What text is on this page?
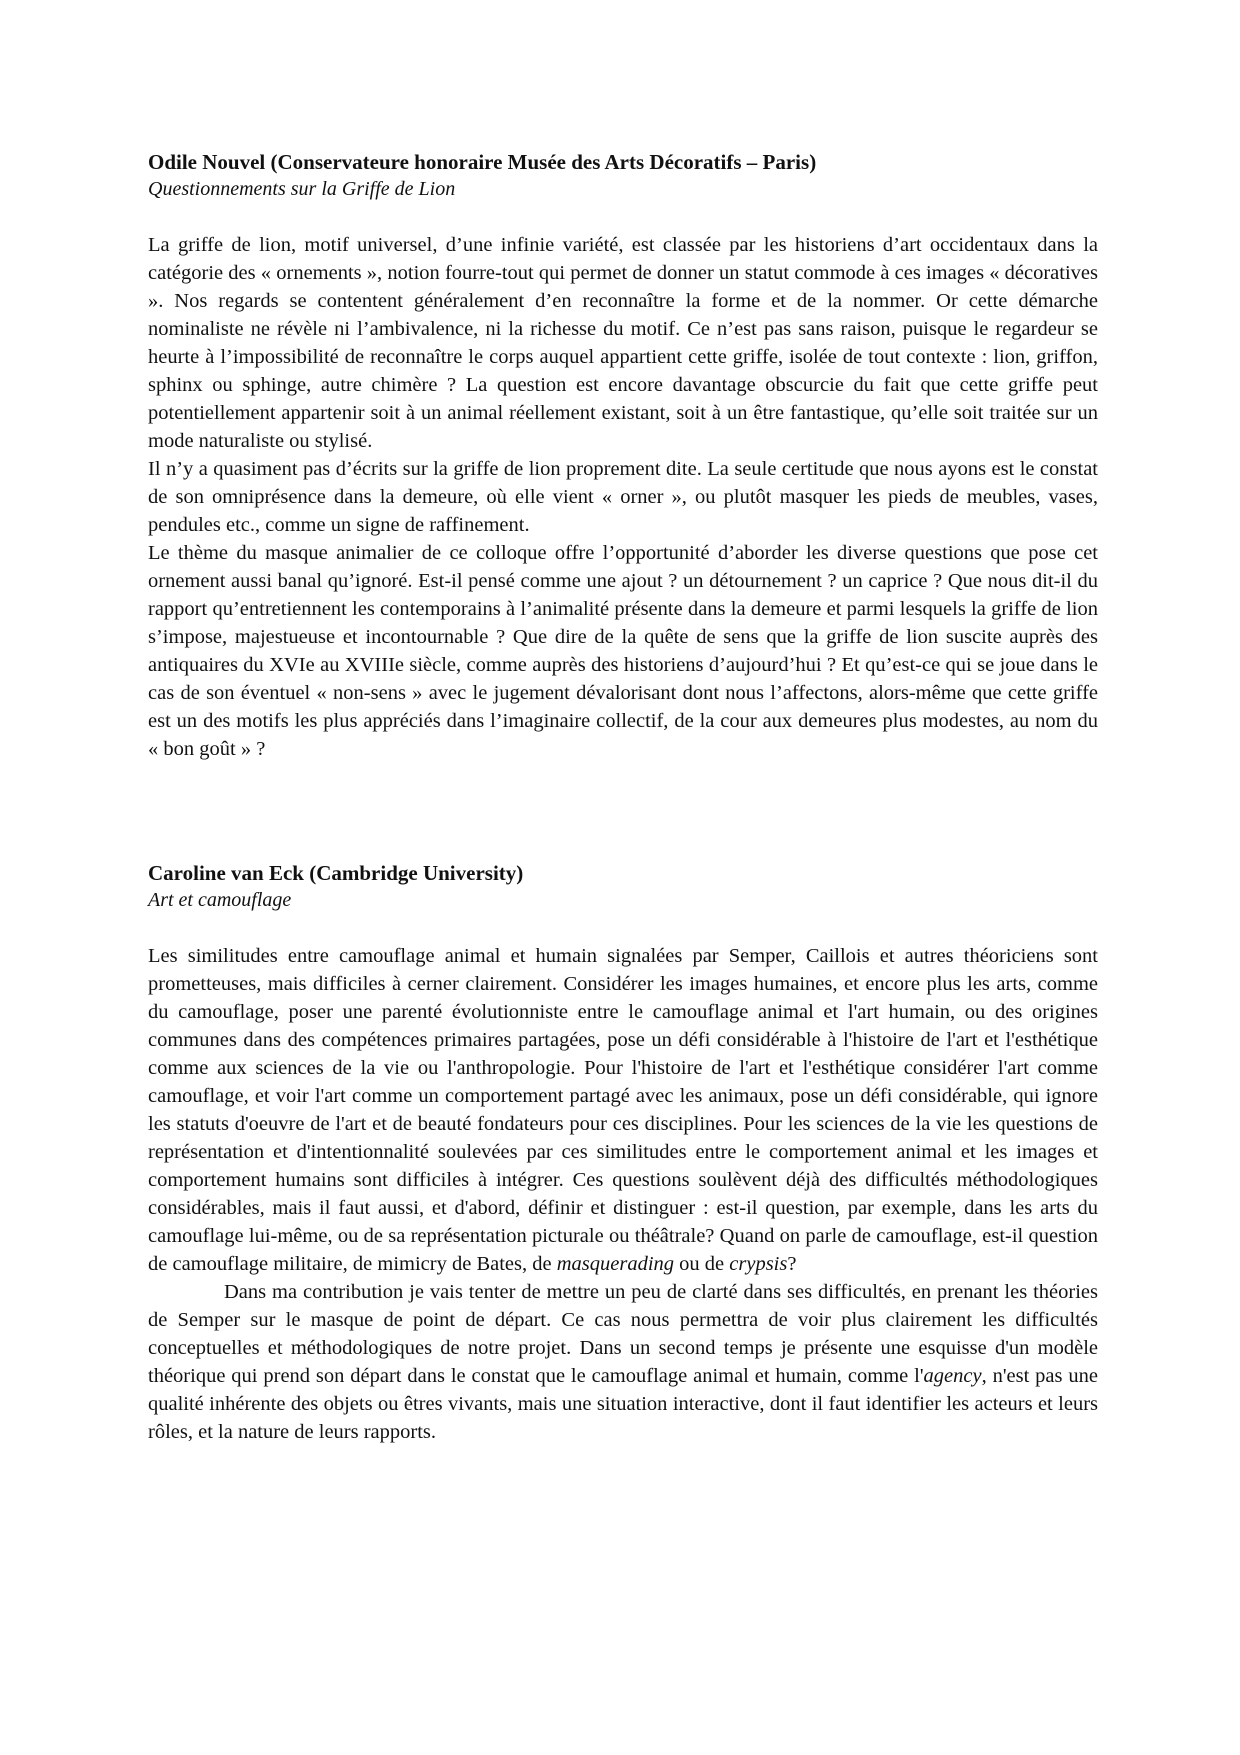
Odile Nouvel (Conservateure honoraire Musée des Arts Décoratifs – Paris)

Questionnements sur la Griffe de Lion

La griffe de lion, motif universel, d’une infinie variété, est classée par les historiens d’art occidentaux dans la catégorie des « ornements », notion fourre-tout qui permet de donner un statut commode à ces images « décoratives ». Nos regards se contentent généralement d’en reconnaître la forme et de la nommer. Or cette démarche nominaliste ne révèle ni l’ambivalence, ni la richesse du motif. Ce n’est pas sans raison, puisque le regardeur se heurte à l’impossibilité de reconnaître le corps auquel appartient cette griffe, isolée de tout contexte : lion, griffon, sphinx ou sphinge, autre chimère ? La question est encore davantage obscurcie du fait que cette griffe peut potentiellement appartenir soit à un animal réellement existant, soit à un être fantastique, qu’elle soit traitée sur un mode naturaliste ou stylisé.

Il n’y a quasiment pas d’écrits sur la griffe de lion proprement dite. La seule certitude que nous ayons est le constat de son omniprésence dans la demeure, où elle vient « orner », ou plutôt masquer les pieds de meubles, vases, pendules etc., comme un signe de raffinement.

Le thème du masque animalier de ce colloque offre l’opportunité d’aborder les diverse questions que pose cet ornement aussi banal qu’ignoré. Est-il pensé comme une ajout ? un détournement ? un caprice ? Que nous dit-il du rapport qu’entretiennent les contemporains à l’animalité présente dans la demeure et parmi lesquels la griffe de lion s’impose, majestueuse et incontournable ? Que dire de la quête de sens que la griffe de lion suscite auprès des antiquaires du XVIe au XVIIIe siècle, comme auprès des historiens d’aujourd’hui ? Et qu’est-ce qui se joue dans le cas de son éventuel « non-sens » avec le jugement dévalorisant dont nous l’affectons, alors-même que cette griffe est un des motifs les plus appréciés dans l’imaginaire collectif, de la cour aux demeures plus modestes, au nom du « bon goût » ?

Caroline van Eck (Cambridge University)

Art et camouflage

Les similitudes entre camouflage animal et humain signalées par Semper, Caillois et autres théoriciens sont prometteuses, mais difficiles à cerner clairement. Considérer les images humaines, et encore plus les arts, comme du camouflage, poser une parenté évolutionniste entre le camouflage animal et l'art humain, ou des origines communes dans des compétences primaires partagées, pose un défi considérable à l'histoire de l'art et l'esthétique comme aux sciences de la vie ou l'anthropologie. Pour l'histoire de l'art et l'esthétique considérer l'art comme camouflage, et voir l'art comme un comportement partagé avec les animaux, pose un défi considérable, qui ignore les statuts d'oeuvre de l'art et de beauté fondateurs pour ces disciplines. Pour les sciences de la vie les questions de représentation et d'intentionnalité soulevées par ces similitudes entre le comportement animal et les images et comportement humains sont difficiles à intégrer. Ces questions soulèvent déjà des difficultés méthodologiques considérables, mais il faut aussi, et d'abord, définir et distinguer : est-il question, par exemple, dans les arts du camouflage lui-même, ou de sa représentation picturale ou théâtrale? Quand on parle de camouflage, est-il question de camouflage militaire, de mimicry de Bates, de masquerading ou de crypsis?

Dans ma contribution je vais tenter de mettre un peu de clarté dans ses difficultés, en prenant les théories de Semper sur le masque de point de départ. Ce cas nous permettra de voir plus clairement les difficultés conceptuelles et méthodologiques de notre projet. Dans un second temps je présente une esquisse d'un modèle théorique qui prend son départ dans le constat que le camouflage animal et humain, comme l'agency, n'est pas une qualité inhérente des objets ou êtres vivants, mais une situation interactive, dont il faut identifier les acteurs et leurs rôles, et la nature de leurs rapports.
